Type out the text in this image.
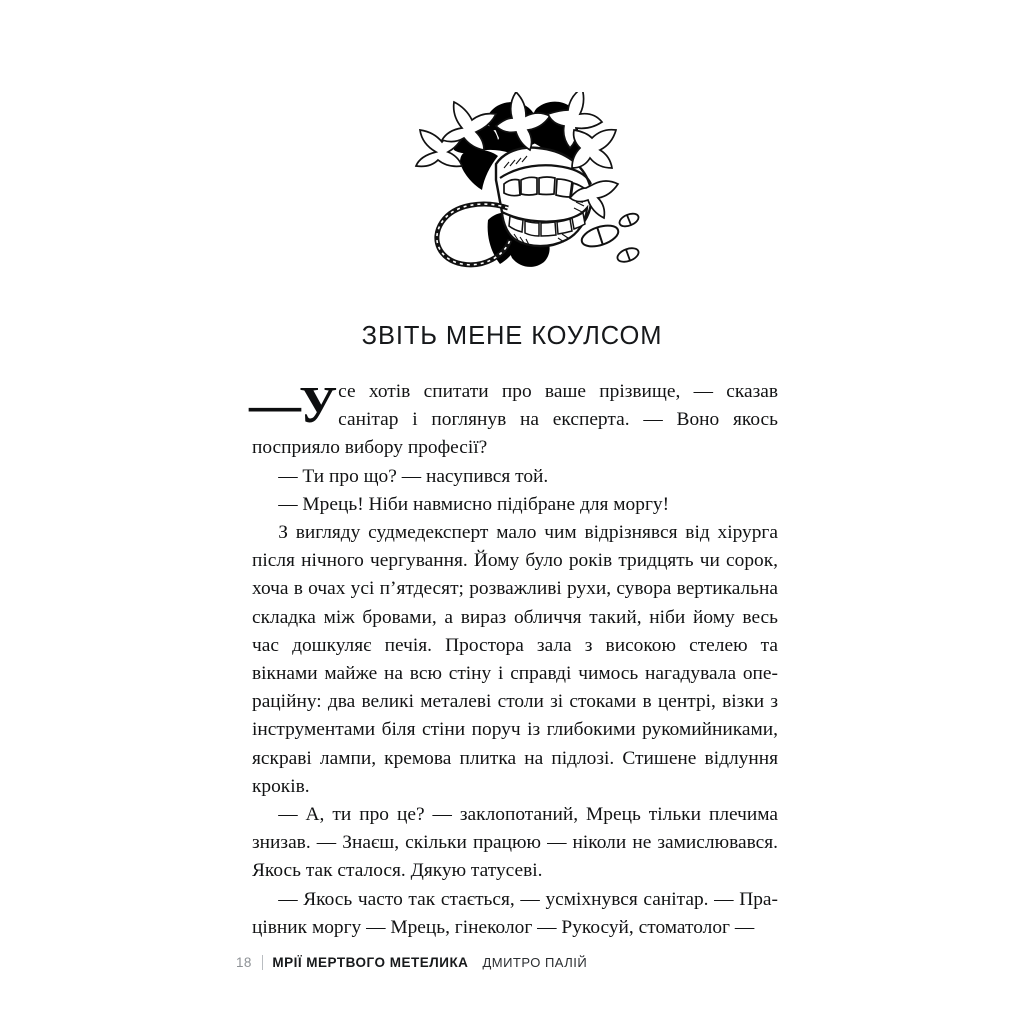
ЗВІТЬ МЕНЕ КОУЛСОМ

—У се хотів спитати про ваше прізвище, — сказав санітар і поглянув на експерта. — Воно якось посприяло вибору професії?

— Ти про що? — насупився той.

— Мрець! Ніби навмисно підібране для моргу!

З вигляду судмедексперт мало чим відрізнявся від хірурга після нічного чергування. Йому було років тридцять чи сорок, хоча в очах усі п’ятдесят; розважливі рухи, сувора вертикальна складка між бровами, а вираз обличчя такий, ніби йому весь час дошкуляє печія. Простора зала з високою стелею та вікнами майже на всю стіну і справді чимось нагадувала операційну: два великі металеві столи зі стоками в центрі, візки з інструментами біля стіни поруч із глибокими рукомийниками, яскраві лампи, кремова плитка на підлозі. Стишене відлуння кроків.

— А, ти про це? — заклопотаний, Мрець тільки плечима знизав. — Знаєш, скільки працюю — ніколи не замислювався. Якось так сталося. Дякую татусеві.

— Якось часто так стається, — усміхнувся санітар. — Працівник моргу — Мрець, гінеколог — Рукосуй, стоматолог —

18 МРІЇ МЕРТВОГО МЕТЕЛИКА ДМИТРО ПАЛІЙ
